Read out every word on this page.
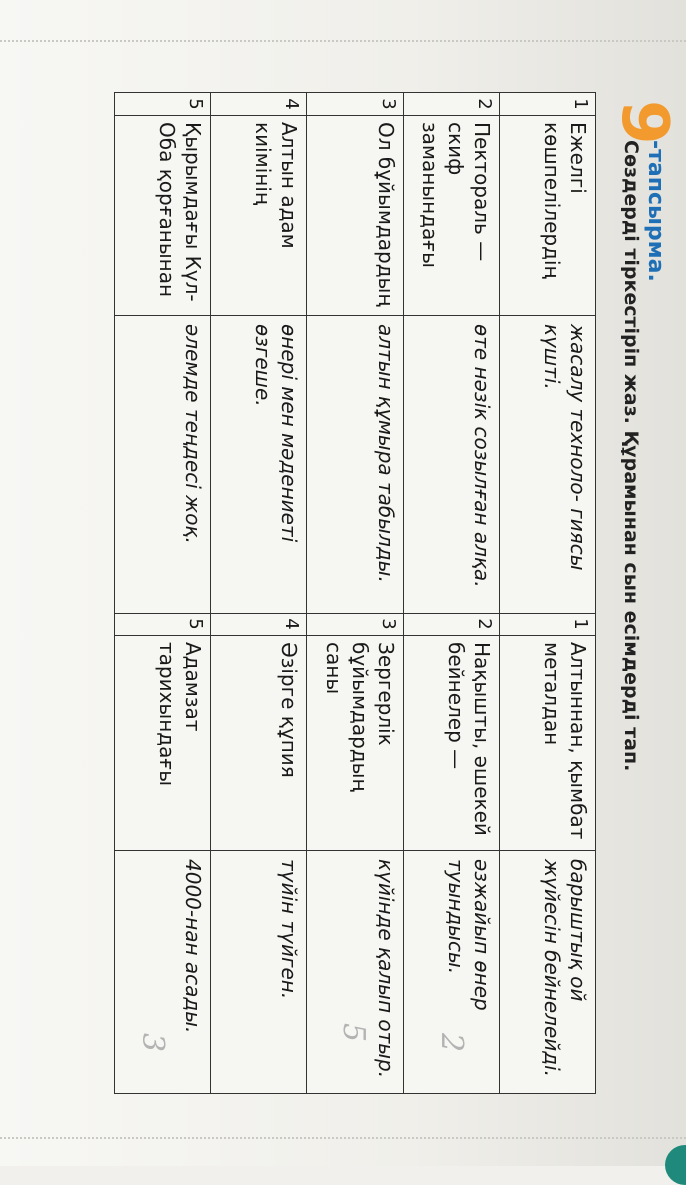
9
-тапсырма.
Сөздерді тіркестіріп жаз. Құрамынан сын есімдерді тап.
1
Ежелгі көшпелілердің
жасалу техноло- гиясы күшті.
2
Пектораль — скиф заманындағы
өте нәзік созылған алқа.
3
Ол бұйымдардың
алтын құмыра табылды.
4
Алтын адам киімінің
өнері мен мәдениеті өзгеше.
5
Қырымдағы Күл-Оба қорғанынан
әлемде теңдесі жоқ.
1
Алтыннан, қымбат металдан
барыштық ой жүйесін бейнелейді.
2
Нақышты, әшекей бейнелер —
әзжайып өнер туындысы.
2
3
Зергерлік бұйымдардың саны
күйінде қалып отыр.
5
4
Әзірге құпия
түйін түйген.
5
Адамзат тарихындағы
4000-нан асады.
3
